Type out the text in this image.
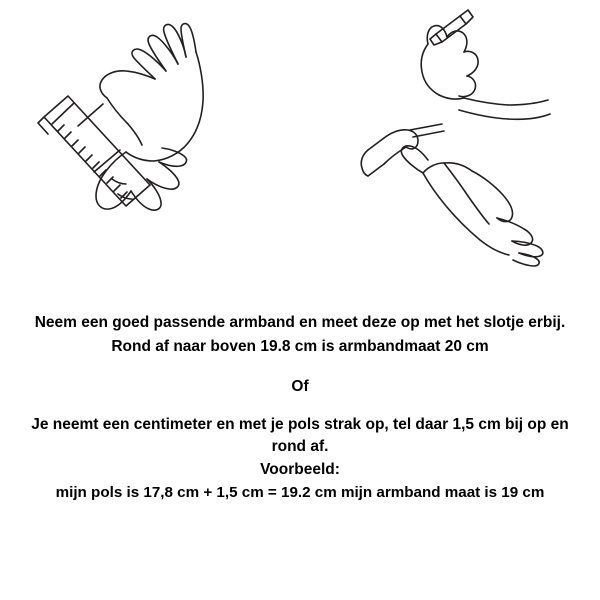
Neem een goed passende armband en meet deze op met het slotje erbij.

Rond af naar boven 19.8 cm is armbandmaat 20 cm

Of

Je neemt een centimeter en met je pols strak op, tel daar 1,5 cm bij op en rond af.

Voorbeeld:

mijn pols is 17,8 cm + 1,5 cm = 19.2 cm mijn armband maat is 19 cm
